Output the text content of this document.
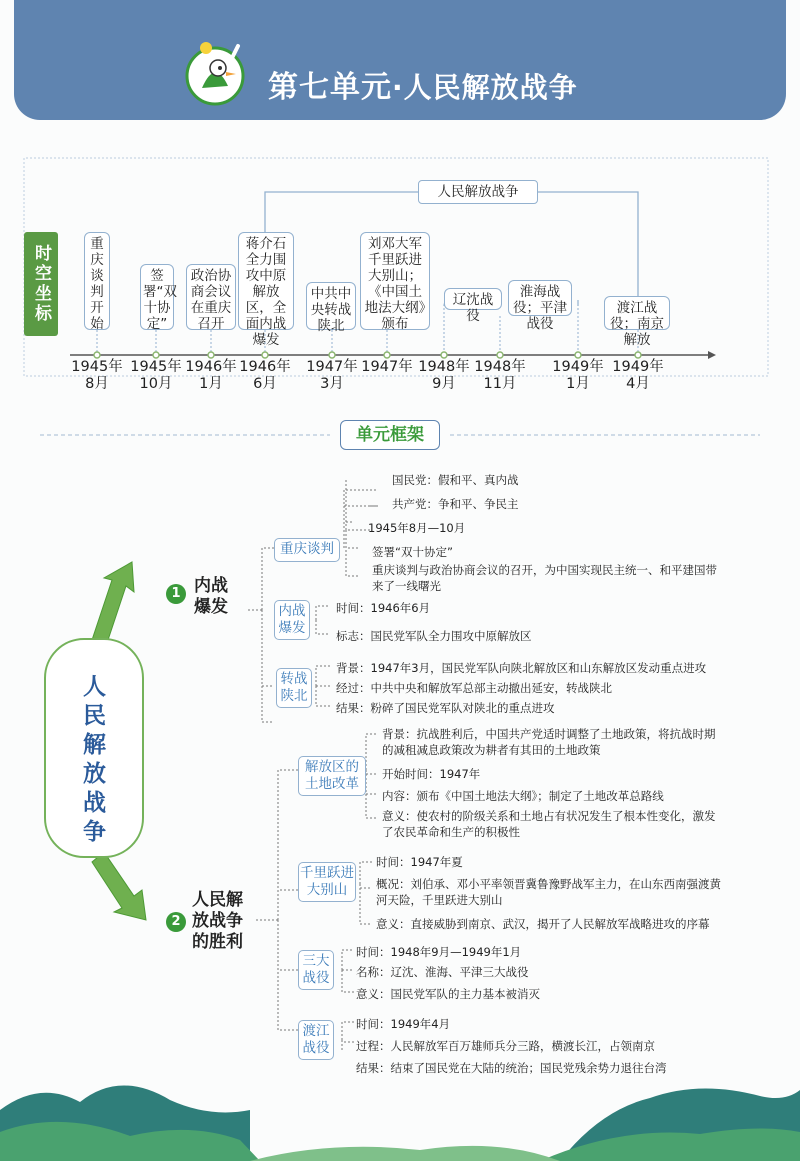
第七单元·人民解放战争
时空坐标
人民解放战争
重庆谈判开始
签署“双十协定”
政治协商会议在重庆召开
蒋介石全力围攻中原解放区，全面内战爆发
中共中央转战陕北
刘邓大军千里跃进大别山；《中国土地法大纲》颁布
辽沈战役
淮海战役；平津战役
渡江战役；南京解放
1945年
8月
1945年
10月
1946年
1月
1946年
6月
1947年
3月
1947年 1948年
9月
1948年
11月
1949年
1月
1949年
4月
单元框架
人民解放战争
1 内战爆发
重庆谈判
国民党：假和平、真内战
共产党：争和平、争民主
1945年8月—10月
签署“双十协定”
重庆谈判与政治协商会议的召开，为中国实现民主统一、和平建国带来了一线曙光
内战爆发
时间：1946年6月
标志：国民党军队全力围攻中原解放区
转战陕北
背景：1947年3月，国民党军队向陕北解放区和山东解放区发动重点进攻
经过：中共中央和解放军总部主动撤出延安，转战陕北
结果：粉碎了国民党军队对陕北的重点进攻
2
人民解放战争的胜利
解放区的土地改革
背景：抗战胜利后，中国共产党适时调整了土地政策，将抗战时期的减租减息政策改为耕者有其田的土地政策
开始时间：1947年
内容：颁布《中国土地法大纲》；制定了土地改革总路线
意义：使农村的阶级关系和土地占有状况发生了根本性变化，激发了农民革命和生产的积极性
千里跃进大别山
时间：1947年夏
概况：刘伯承、邓小平率领晋冀鲁豫野战军主力，在山东西南强渡黄河天险，千里跃进大别山
意义：直接威胁到南京、武汉，揭开了人民解放军战略进攻的序幕
三大战役
时间：1948年9月—1949年1月
名称：辽沈、淮海、平津三大战役
意义：国民党军队的主力基本被消灭
渡江战役
时间：1949年4月
过程：人民解放军百万雄师兵分三路，横渡长江，占领南京
结果：结束了国民党在大陆的统治；国民党残余势力退往台湾
